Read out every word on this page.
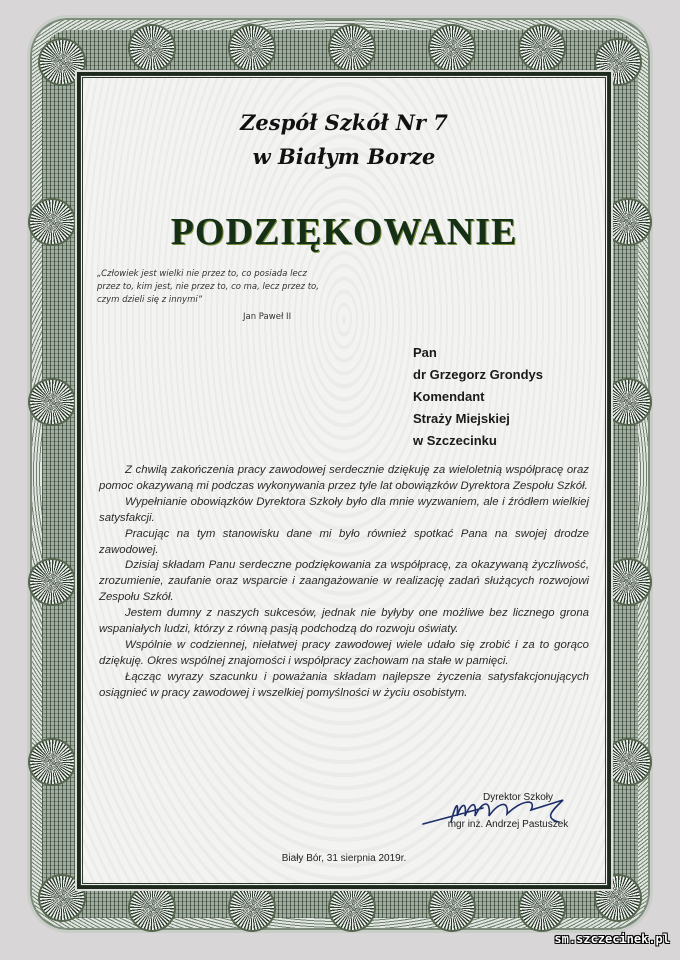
Zespół Szkół Nr 7
w Białym Borze
PODZIĘKOWANIE
„Człowiek jest wielki nie przez to, co posiada lecz
przez to, kim jest, nie przez to, co ma, lecz przez to,
czym dzieli się z innymi”
Jan Paweł II
Pan
dr Grzegorz Grondys
Komendant
Straży Miejskiej
w Szczecinku

Z chwilą zakończenia pracy zawodowej serdecznie dziękuję za wieloletnią współpracę oraz pomoc okazywaną mi podczas wykonywania przez tyle lat obowiązków Dyrektora Zespołu Szkół.

Wypełnianie obowiązków Dyrektora Szkoły było dla mnie wyzwaniem, ale i źródłem wielkiej satysfakcji.

Pracując na tym stanowisku dane mi było również spotkać Pana na swojej drodze zawodowej.

Dzisiaj składam Panu serdeczne podziękowania za współpracę, za okazywaną życzliwość, zrozumienie, zaufanie oraz wsparcie i zaangażowanie w realizację zadań służących rozwojowi Zespołu Szkół.

Jestem dumny z naszych sukcesów, jednak nie byłyby one możliwe bez licznego grona wspaniałych ludzi, którzy z równą pasją podchodzą do rozwoju oświaty.

Wspólnie w codziennej, niełatwej pracy zawodowej wiele udało się zrobić i za to gorąco dziękuję. Okres wspólnej znajomości i współpracy zachowam na stałe w pamięci.

Łącząc wyrazy szacunku i poważania składam najlepsze życzenia satysfakcjonujących osiągnieć w pracy zawodowej i wszelkiej pomyślności w życiu osobistym.

Dyrektor Szkoły
mgr inż. Andrzej Pastuszek
Biały Bór, 31 sierpnia 2019r.
sm.szczecinek.pl
